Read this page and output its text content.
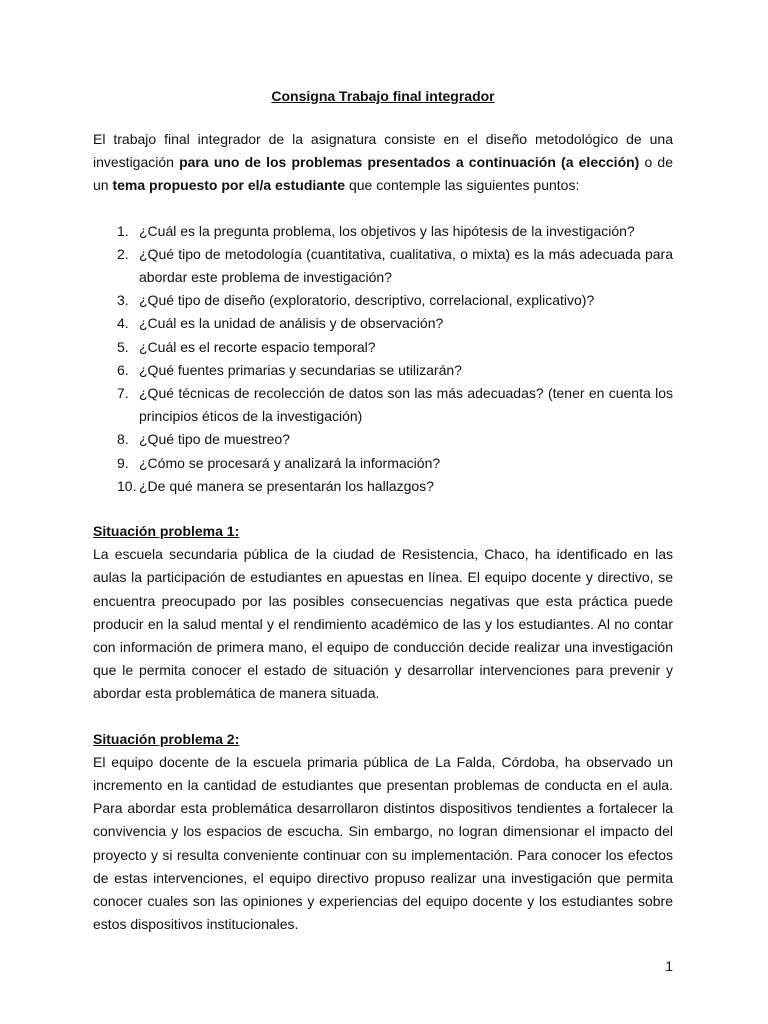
Consigna Trabajo final integrador

El trabajo final integrador de la asignatura consiste en el diseño metodológico de una investigación para uno de los problemas presentados a continuación (a elección) o de un tema propuesto por el/a estudiante que contemple las siguientes puntos:

1. ¿Cuál es la pregunta problema, los objetivos y las hipótesis de la investigación?
2. ¿Qué tipo de metodología (cuantitativa, cualitativa, o mixta) es la más adecuada para abordar este problema de investigación?
3. ¿Qué tipo de diseño (exploratorio, descriptivo, correlacional, explicativo)?
4. ¿Cuál es la unidad de análisis y de observación?
5. ¿Cuál es el recorte espacio temporal?
6. ¿Qué fuentes primarias y secundarias se utilizarán?
7. ¿Qué técnicas de recolección de datos son las más adecuadas? (tener en cuenta los principios éticos de la investigación)
8. ¿Qué tipo de muestreo?
9. ¿Cómo se procesará y analizará la información?
10. ¿De qué manera se presentarán los hallazgos?

Situación problema 1:

La escuela secundaria pública de la ciudad de Resistencia, Chaco, ha identificado en las aulas la participación de estudiantes en apuestas en línea. El equipo docente y directivo, se encuentra preocupado por las posibles consecuencias negativas que esta práctica puede producir en la salud mental y el rendimiento académico de las y los estudiantes. Al no contar con información de primera mano, el equipo de conducción decide realizar una investigación que le permita conocer el estado de situación y desarrollar intervenciones para prevenir y abordar esta problemática de manera situada.

Situación problema 2:

El equipo docente de la escuela primaria pública de La Falda, Córdoba, ha observado un incremento en la cantidad de estudiantes que presentan problemas de conducta en el aula. Para abordar esta problemática desarrollaron distintos dispositivos tendientes a fortalecer la convivencia y los espacios de escucha. Sin embargo, no logran dimensionar el impacto del proyecto y si resulta conveniente continuar con su implementación. Para conocer los efectos de estas intervenciones, el equipo directivo propuso realizar una investigación que permita conocer cuales son las opiniones y experiencias del equipo docente y los estudiantes sobre estos dispositivos institucionales.

1
